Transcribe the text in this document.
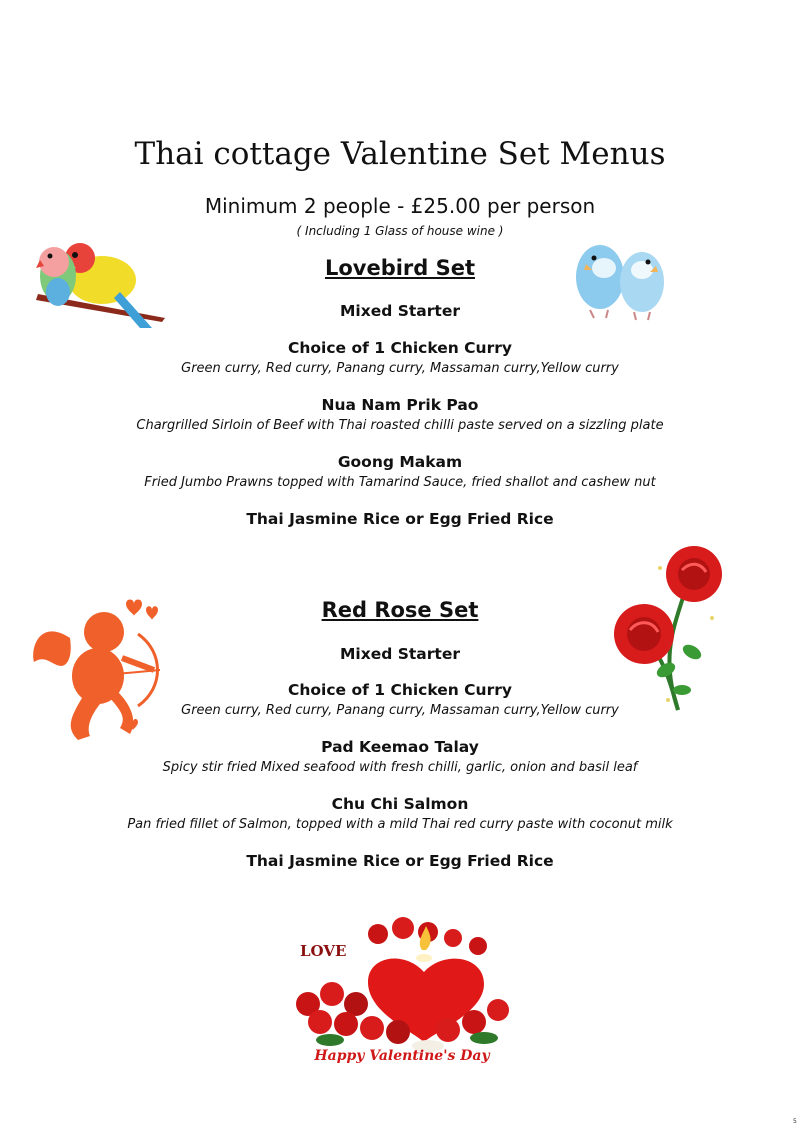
Thai cottage Valentine Set Menus
Minimum 2 people - £25.00 per person
( Including 1 Glass of house wine )
Lovebird Set
Mixed Starter
Choice of 1 Chicken Curry
Green curry, Red curry, Panang curry, Massaman curry,Yellow curry
Nua Nam Prik Pao
Chargrilled Sirloin of Beef with Thai roasted chilli paste served on a sizzling plate
Goong Makam
Fried Jumbo Prawns topped with Tamarind Sauce, fried shallot and cashew nut
Thai Jasmine Rice or Egg Fried Rice
Red Rose Set
Mixed Starter
Choice of 1 Chicken Curry
Green curry, Red curry, Panang curry, Massaman curry,Yellow curry
Pad Keemao Talay
Spicy stir fried Mixed seafood with fresh chilli, garlic, onion and basil leaf
Chu Chi Salmon
Pan fried fillet of Salmon, topped with a mild Thai red curry paste with coconut milk
Thai Jasmine Rice or Egg Fried Rice
LOVE
Happy Valentine's Day
5
